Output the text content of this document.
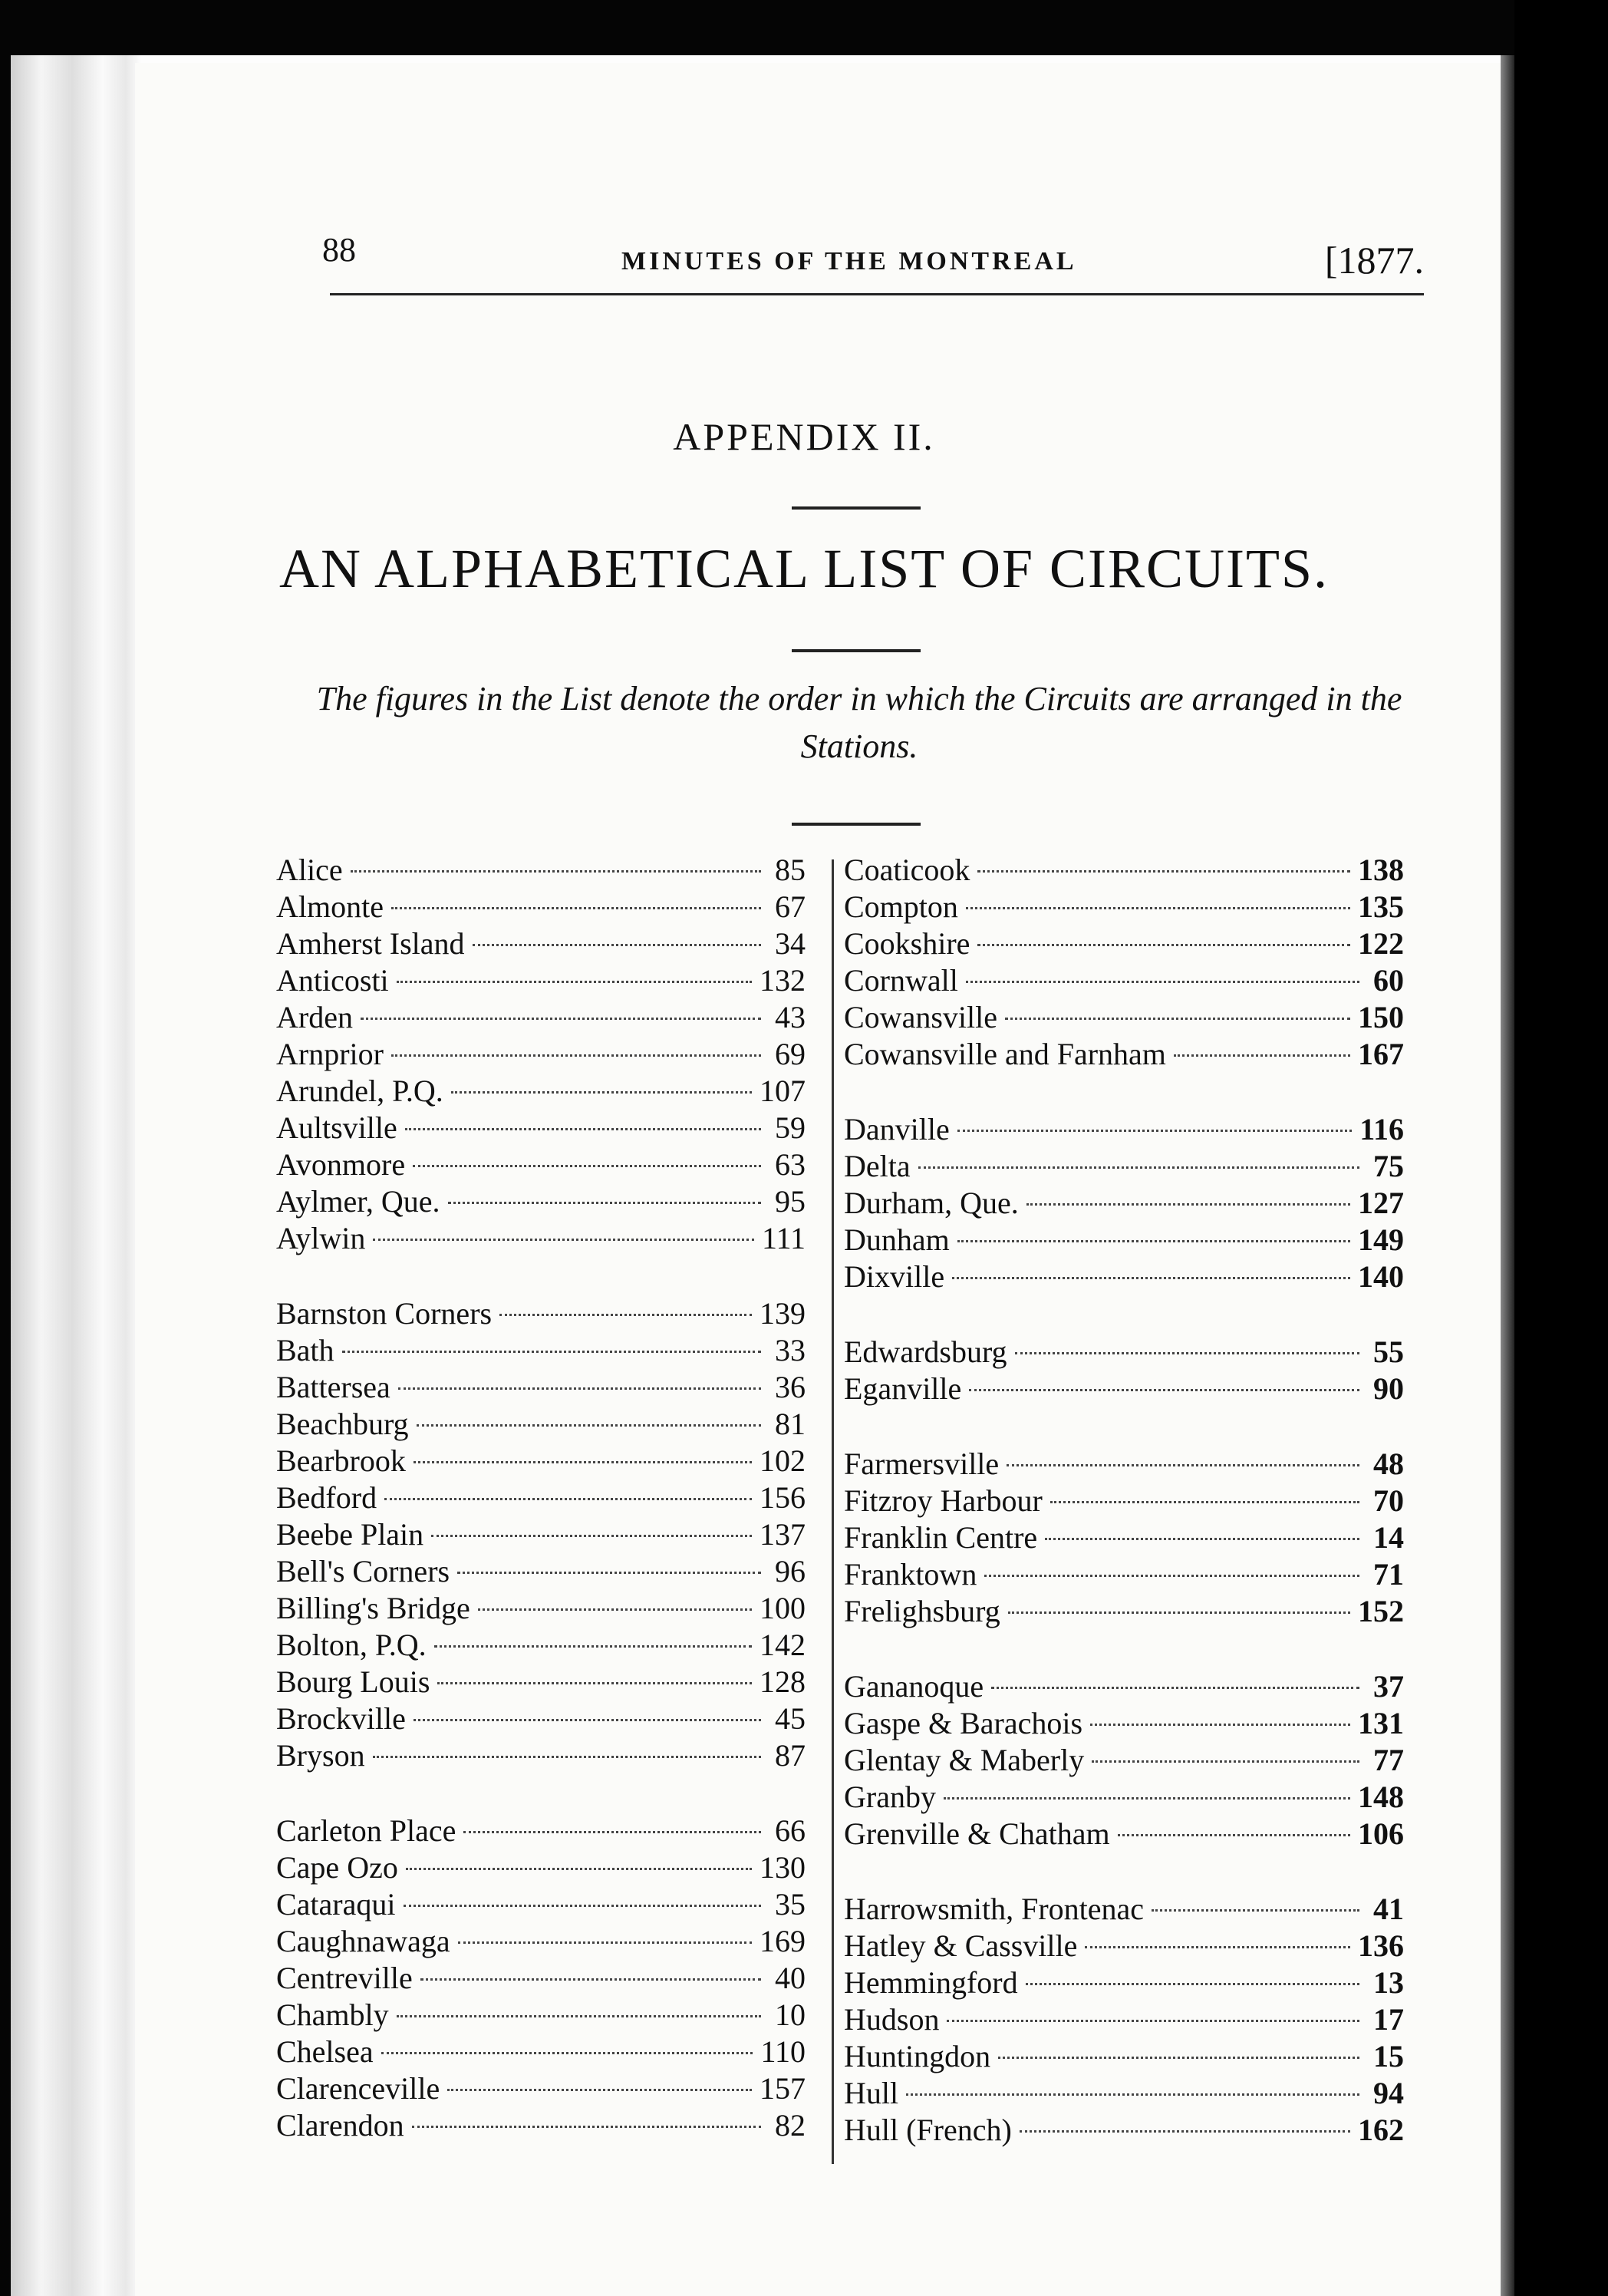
88	MINUTES OF THE MONTREAL	[1877.
APPENDIX II.
AN ALPHABETICAL LIST OF CIRCUITS.
The figures in the List denote the order in which the Circuits are arranged in the Stations.
Alice	85
Almonte	67
Amherst Island	34
Anticosti	132
Arden	43
Arnprior	69
Arundel, P.Q.	107
Aultsville	59
Avonmore	63
Aylmer, Que.	95
Aylwin	111
Barnston Corners	139
Bath	33
Battersea	36
Beachburg	81
Bearbrook	102
Bedford	156
Beebe Plain	137
Bell's Corners	96
Billing's Bridge	100
Bolton, P.Q.	142
Bourg Louis	128
Brockville	45
Bryson	87
Carleton Place	66
Cape Ozo	130
Cataraqui	35
Caughnawaga	169
Centreville	40
Chambly	10
Chelsea	110
Clarenceville	157
Clarendon	82
Coaticook	138
Compton	135
Cookshire	122
Cornwall	60
Cowansville	150
Cowansville and Farnham	167
Danville	116
Delta	75
Durham, Que.	127
Dunham	149
Dixville	140
Edwardsburg	55
Eganville	90
Farmersville	48
Fitzroy Harbour	70
Franklin Centre	14
Franktown	71
Frelighsburg	152
Gananoque	37
Gaspe & Barachois	131
Glentay & Maberly	77
Granby	148
Grenville & Chatham	106
Harrowsmith, Frontenac	41
Hatley & Cassville	136
Hemmingford	13
Hudson	17
Huntingdon	15
Hull	94
Hull (French)	162
